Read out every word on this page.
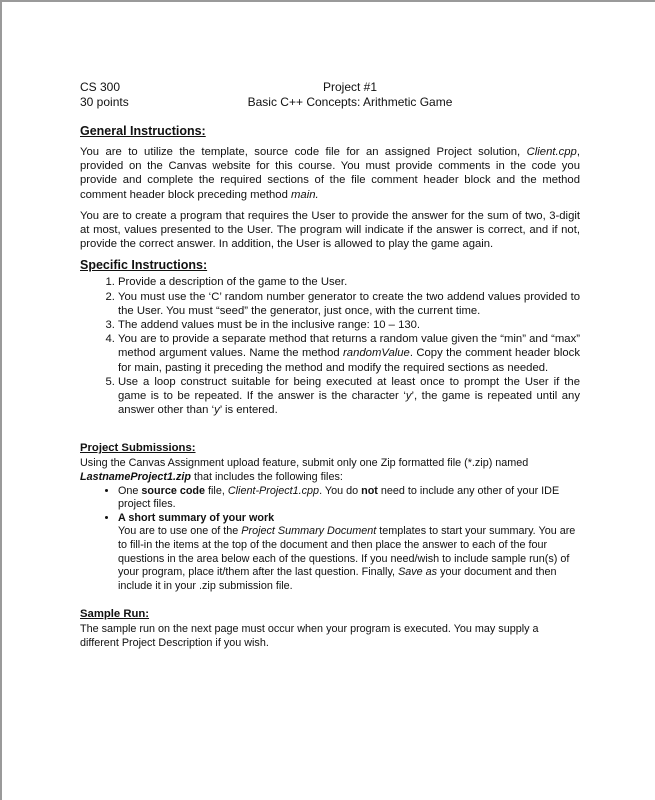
CS 300
30 points
Project #1
Basic C++ Concepts: Arithmetic Game
General Instructions:

You are to utilize the template, source code file for an assigned Project solution, Client.cpp, provided on the Canvas website for this course. You must provide comments in the code you provide and complete the required sections of the file comment header block and the method comment header block preceding method main.

You are to create a program that requires the User to provide the answer for the sum of two, 3-digit at most, values presented to the User. The program will indicate if the answer is correct, and if not, provide the correct answer. In addition, the User is allowed to play the game again.

Specific Instructions:
1. Provide a description of the game to the User.
2. You must use the ‘C’ random number generator to create the two addend values provided to the User. You must “seed” the generator, just once, with the current time.
3. The addend values must be in the inclusive range: 10 – 130.
4. You are to provide a separate method that returns a random value given the “min” and “max” method argument values. Name the method randomValue. Copy the comment header block for main, pasting it preceding the method and modify the required sections as needed.
5. Use a loop construct suitable for being executed at least once to prompt the User if the game is to be repeated. If the answer is the character ‘y’, the game is repeated until any answer other than ‘y’ is entered.
Project Submissions:

Using the Canvas Assignment upload feature, submit only one Zip formatted file (*.zip) named LastnameProject1.zip that includes the following files:

• One source code file, Client-Project1.cpp. You do not need to include any other of your IDE project files.
• A short summary of your work
You are to use one of the Project Summary Document templates to start your summary. You are to fill-in the items at the top of the document and then place the answer to each of the four questions in the area below each of the questions. If you need/wish to include sample run(s) of your program, place it/them after the last question. Finally, Save as your document and then include it in your .zip submission file.
Sample Run:

The sample run on the next page must occur when your program is executed. You may supply a different Project Description if you wish.
